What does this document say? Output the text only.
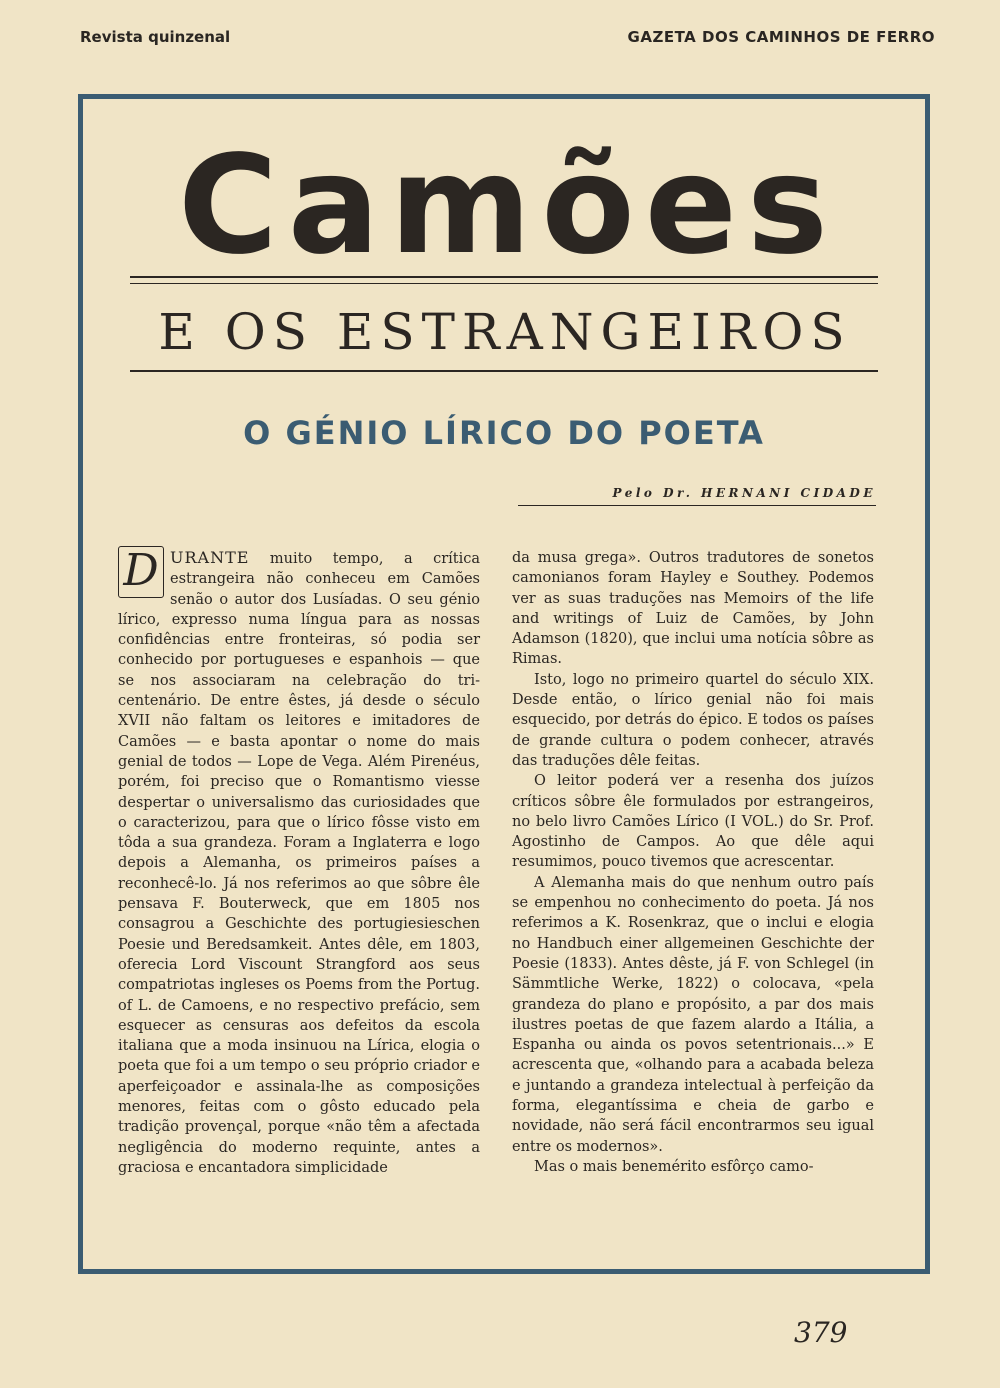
Revista quinzenal	GAZETA DOS CAMINHOS DE FERRO
Camões
E OS ESTRANGEIROS
O GÉNIO LÍRICO DO POETA
Pelo Dr. HERNANI CIDADE

D URANTE muito tempo, a crítica estrangeira não conheceu em Camões senão o autor dos Lusíadas. O seu génio lírico, expresso numa língua para as nossas confidências entre fronteiras, só podia ser conhecido por portugueses e espanhois — que se nos associaram na celebração do tri-centenário. De entre êstes, já desde o século XVII não faltam os leitores e imitadores de Camões — e basta apontar o nome do mais genial de todos — Lope de Vega. Além Pirenéus, porém, foi preciso que o Romantismo viesse despertar o universalismo das curiosidades que o caracterizou, para que o lírico fôsse visto em tôda a sua grandeza. Foram a Inglaterra e logo depois a Alemanha, os primeiros países a reconhecê-lo. Já nos referimos ao que sôbre êle pensava F. Bouterweck, que em 1805 nos consagrou a Geschichte des portugiesieschen Poesie und Beredsamkeit. Antes dêle, em 1803, oferecia Lord Viscount Strangford aos seus compatriotas ingleses os Poems from the Portug. of L. de Camoens, e no respectivo prefácio, sem esquecer as censuras aos defeitos da escola italiana que a moda insinuou na Lírica, elogia o poeta que foi a um tempo o seu próprio criador e aperfeiçoador e assinala-lhe as composições menores, feitas com o gôsto educado pela tradição provençal, porque «não têm a afectada negligência do moderno requinte, antes a graciosa e encantadora simplicidade

da musa grega». Outros tradutores de sonetos camonianos foram Hayley e Southey. Podemos ver as suas traduções nas Memoirs of the life and writings of Luiz de Camões, by John Adamson (1820), que inclui uma notícia sôbre as Rimas.

Isto, logo no primeiro quartel do século XIX. Desde então, o lírico genial não foi mais esquecido, por detrás do épico. E todos os países de grande cultura o podem conhecer, através das traduções dêle feitas.

O leitor poderá ver a resenha dos juízos críticos sôbre êle formulados por estrangeiros, no belo livro Camões Lírico (I VOL.) do Sr. Prof. Agostinho de Campos. Ao que dêle aqui resumimos, pouco tivemos que acrescentar.

A Alemanha mais do que nenhum outro país se empenhou no conhecimento do poeta. Já nos referimos a K. Rosenkraz, que o inclui e elogia no Handbuch einer allgemeinen Geschichte der Poesie (1833). Antes dêste, já F. von Schlegel (in Sämmtliche Werke, 1822) o colocava, «pela grandeza do plano e propósito, a par dos mais ilustres poetas de que fazem alardo a Itália, a Espanha ou ainda os povos setentrionais...» E acrescenta que, «olhando para a acabada beleza e juntando a grandeza intelectual à perfeição da forma, elegantíssima e cheia de garbo e novidade, não será fácil encontrarmos seu igual entre os modernos».

Mas o mais benemérito esfôrço camo-

379
